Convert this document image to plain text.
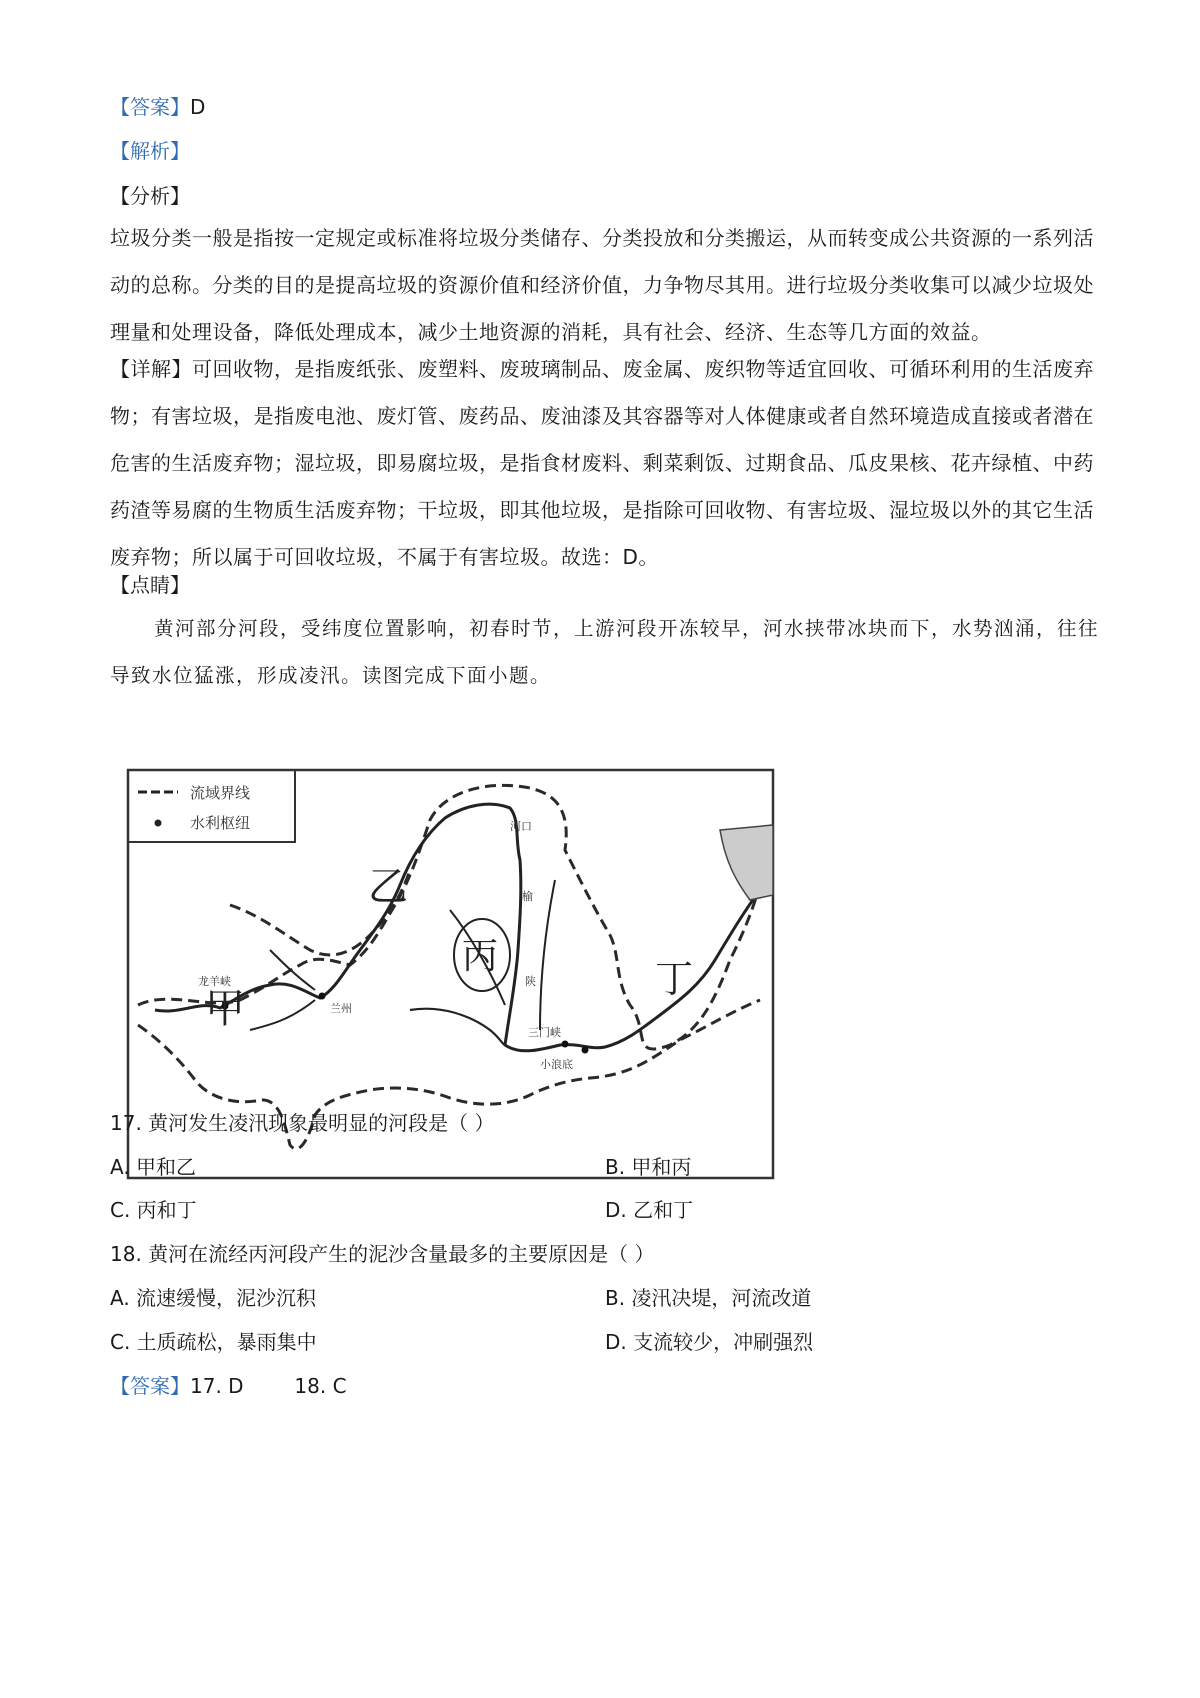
【答案】D
【解析】
【分析】
垃圾分类一般是指按一定规定或标准将垃圾分类储存、分类投放和分类搬运，从而转变成公共资源的一系列活动的总称。分类的目的是提高垃圾的资源价值和经济价值，力争物尽其用。进行垃圾分类收集可以减少垃圾处理量和处理设备，降低处理成本，减少土地资源的消耗，具有社会、经济、生态等几方面的效益。
【详解】可回收物，是指废纸张、废塑料、废玻璃制品、废金属、废织物等适宜回收、可循环利用的生活废弃物；有害垃圾，是指废电池、废灯管、废药品、废油漆及其容器等对人体健康或者自然环境造成直接或者潜在危害的生活废弃物；湿垃圾，即易腐垃圾，是指食材废料、剩菜剩饭、过期食品、瓜皮果核、花卉绿植、中药药渣等易腐的生物质生活废弃物；干垃圾，即其他垃圾，是指除可回收物、有害垃圾、湿垃圾以外的其它生活废弃物；所以属于可回收垃圾，不属于有害垃圾。故选：D。
【点睛】
黄河部分河段，受纬度位置影响，初春时节，上游河段开冻较早，河水挟带冰块而下，水势汹涌，往往导致水位猛涨，形成凌汛。读图完成下面小题。
流域界线
水利枢纽
甲
乙
丙
丁
龙羊峡
兰州
河口
榆
陕
三门峡
小浪底
17. 黄河发生凌汛现象最明显的河段是（ ）
A. 甲和乙	B. 甲和丙
C. 丙和丁	D. 乙和丁
18. 黄河在流经丙河段产生的泥沙含量最多的主要原因是（ ）
A. 流速缓慢，泥沙沉积	B. 凌汛决堤，河流改道
C. 土质疏松，暴雨集中	D. 支流较少，冲刷强烈
【答案】17. D        18. C
